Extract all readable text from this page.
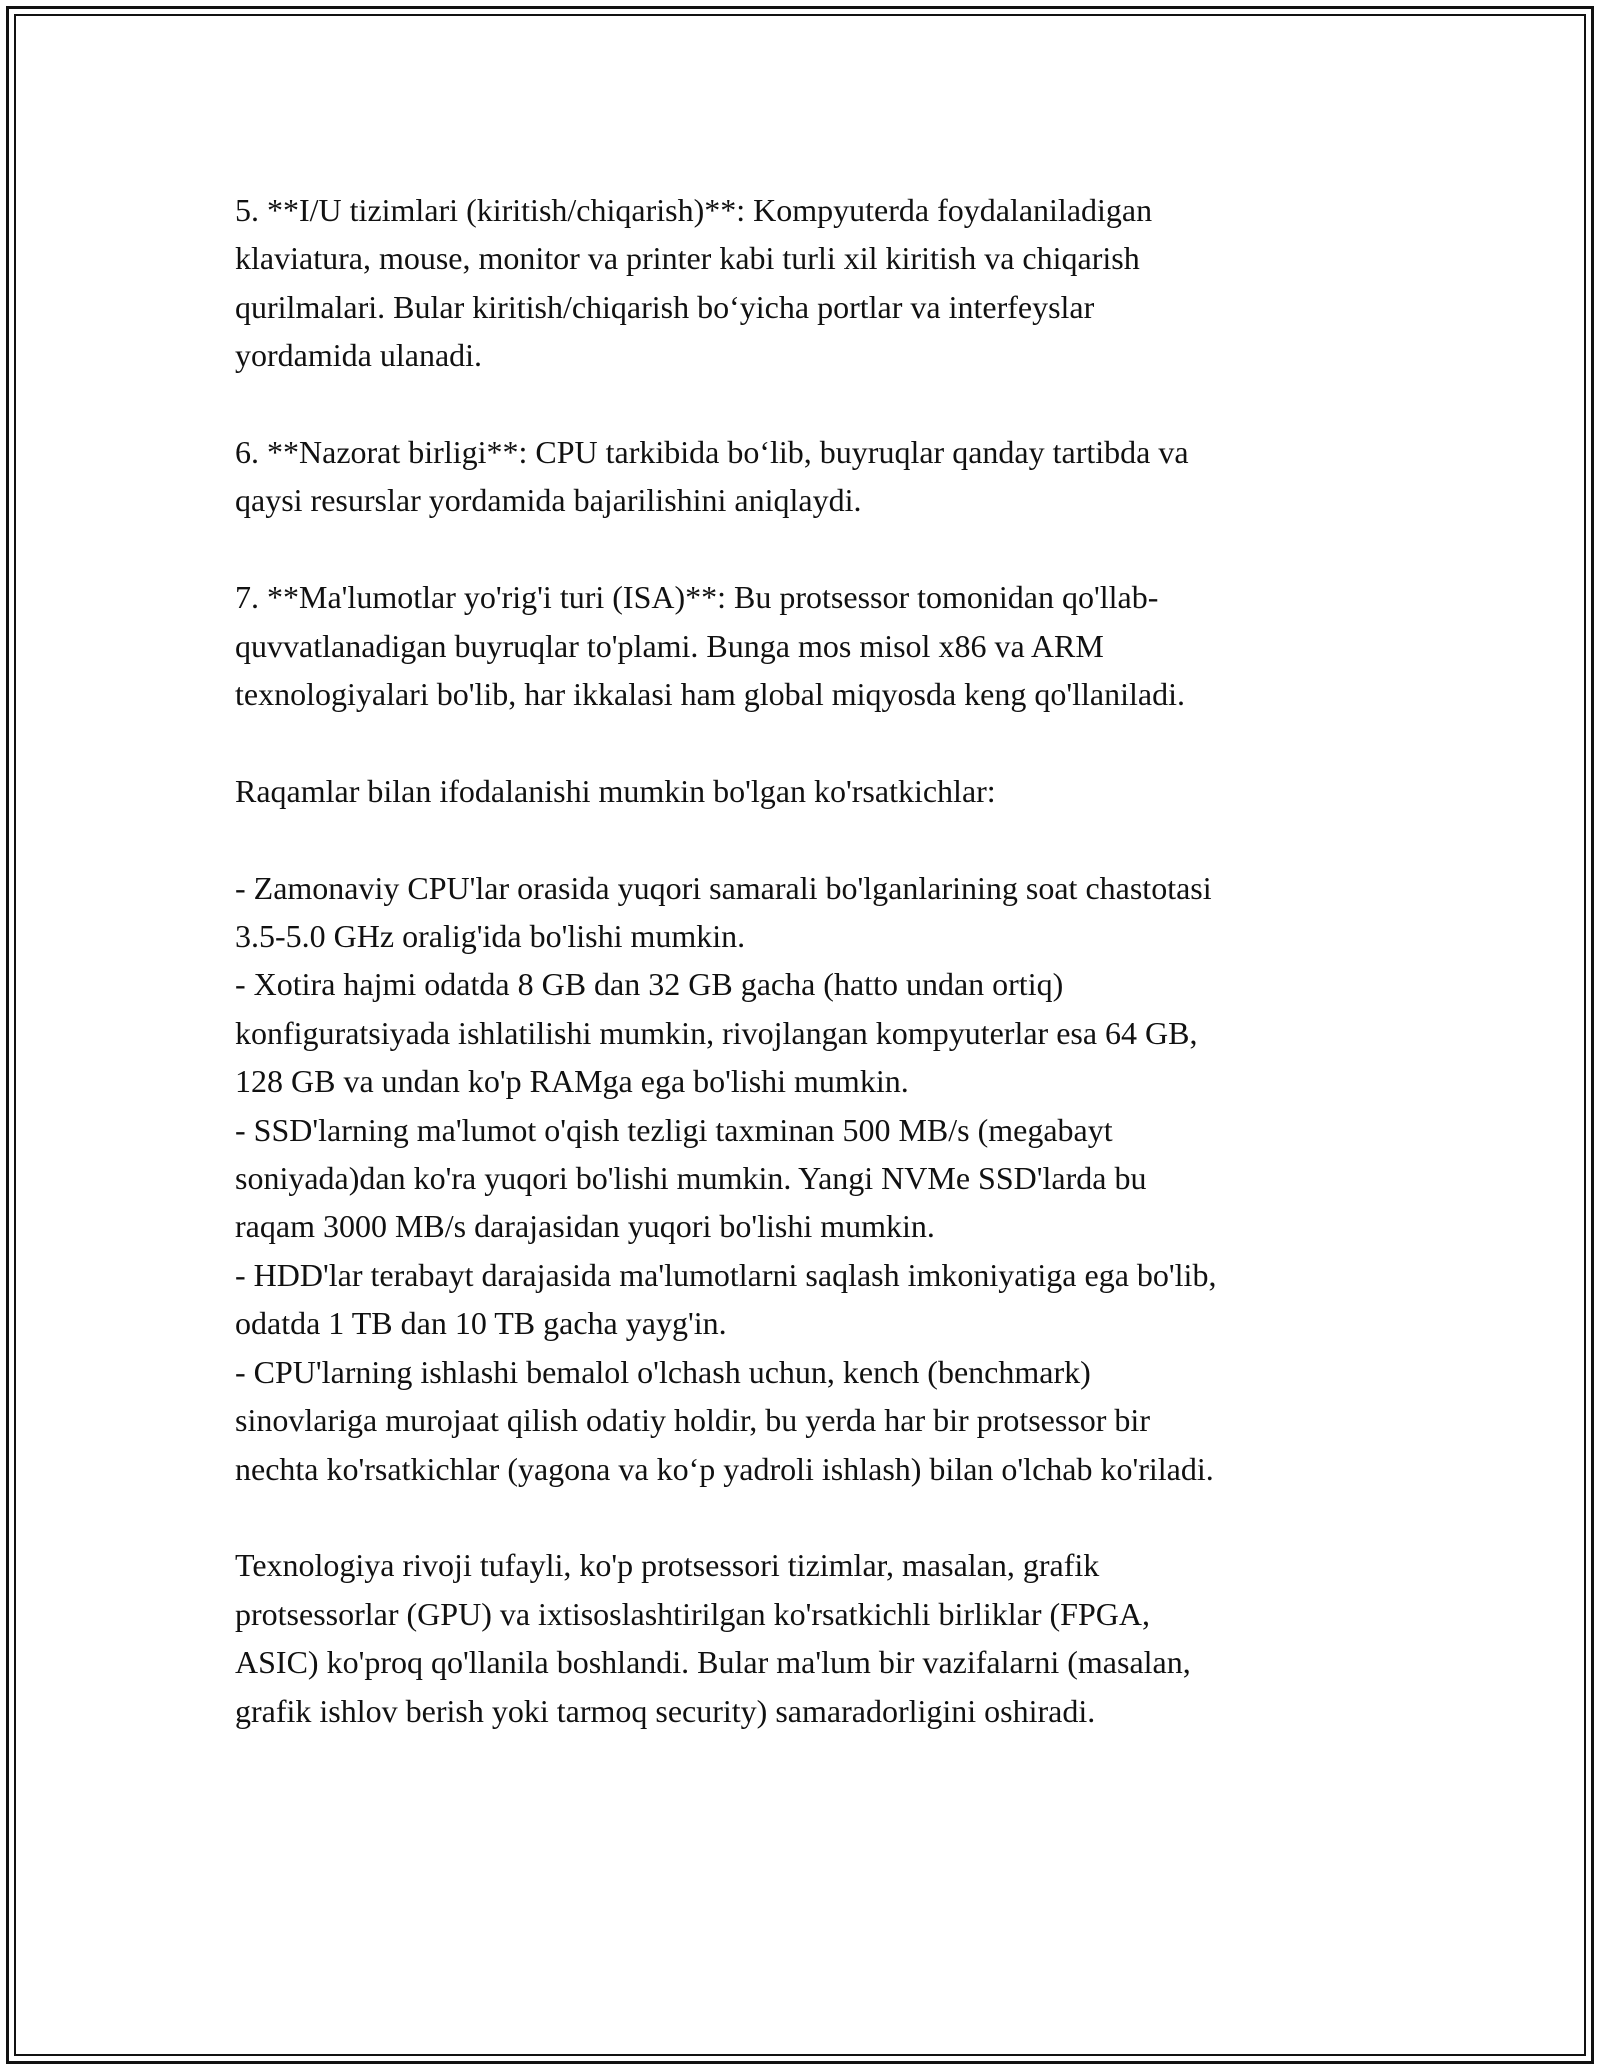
5. **I/U tizimlari (kiritish/chiqarish)**: Kompyuterda foydalaniladigan
klaviatura, mouse, monitor va printer kabi turli xil kiritish va chiqarish
qurilmalari. Bular kiritish/chiqarish bo‘yicha portlar va interfeyslar
yordamida ulanadi.

6. **Nazorat birligi**: CPU tarkibida bo‘lib, buyruqlar qanday tartibda va
qaysi resurslar yordamida bajarilishini aniqlaydi.

7. **Ma'lumotlar yo'rig'i turi (ISA)**: Bu protsessor tomonidan qo'llab-
quvvatlanadigan buyruqlar to'plami. Bunga mos misol x86 va ARM
texnologiyalari bo'lib, har ikkalasi ham global miqyosda keng qo'llaniladi.

Raqamlar bilan ifodalanishi mumkin bo'lgan ko'rsatkichlar:

- Zamonaviy CPU'lar orasida yuqori samarali bo'lganlarining soat chastotasi
3.5-5.0 GHz oralig'ida bo'lishi mumkin.
- Xotira hajmi odatda 8 GB dan 32 GB gacha (hatto undan ortiq)
konfiguratsiyada ishlatilishi mumkin, rivojlangan kompyuterlar esa 64 GB,
128 GB va undan ko'p RAMga ega bo'lishi mumkin.
- SSD'larning ma'lumot o'qish tezligi taxminan 500 MB/s (megabayt
soniyada)dan ko'ra yuqori bo'lishi mumkin. Yangi NVMe SSD'larda bu
raqam 3000 MB/s darajasidan yuqori bo'lishi mumkin.
- HDD'lar terabayt darajasida ma'lumotlarni saqlash imkoniyatiga ega bo'lib,
odatda 1 TB dan 10 TB gacha yayg'in.
- CPU'larning ishlashi bemalol o'lchash uchun, kench (benchmark)
sinovlariga murojaat qilish odatiy holdir, bu yerda har bir protsessor bir
nechta ko'rsatkichlar (yagona va ko‘p yadroli ishlash) bilan o'lchab ko'riladi.

Texnologiya rivoji tufayli, ko'p protsessori tizimlar, masalan, grafik
protsessorlar (GPU) va ixtisoslashtirilgan ko'rsatkichli birliklar (FPGA,
ASIC) ko'proq qo'llanila boshlandi. Bular ma'lum bir vazifalarni (masalan,
grafik ishlov berish yoki tarmoq security) samaradorligini oshiradi.
